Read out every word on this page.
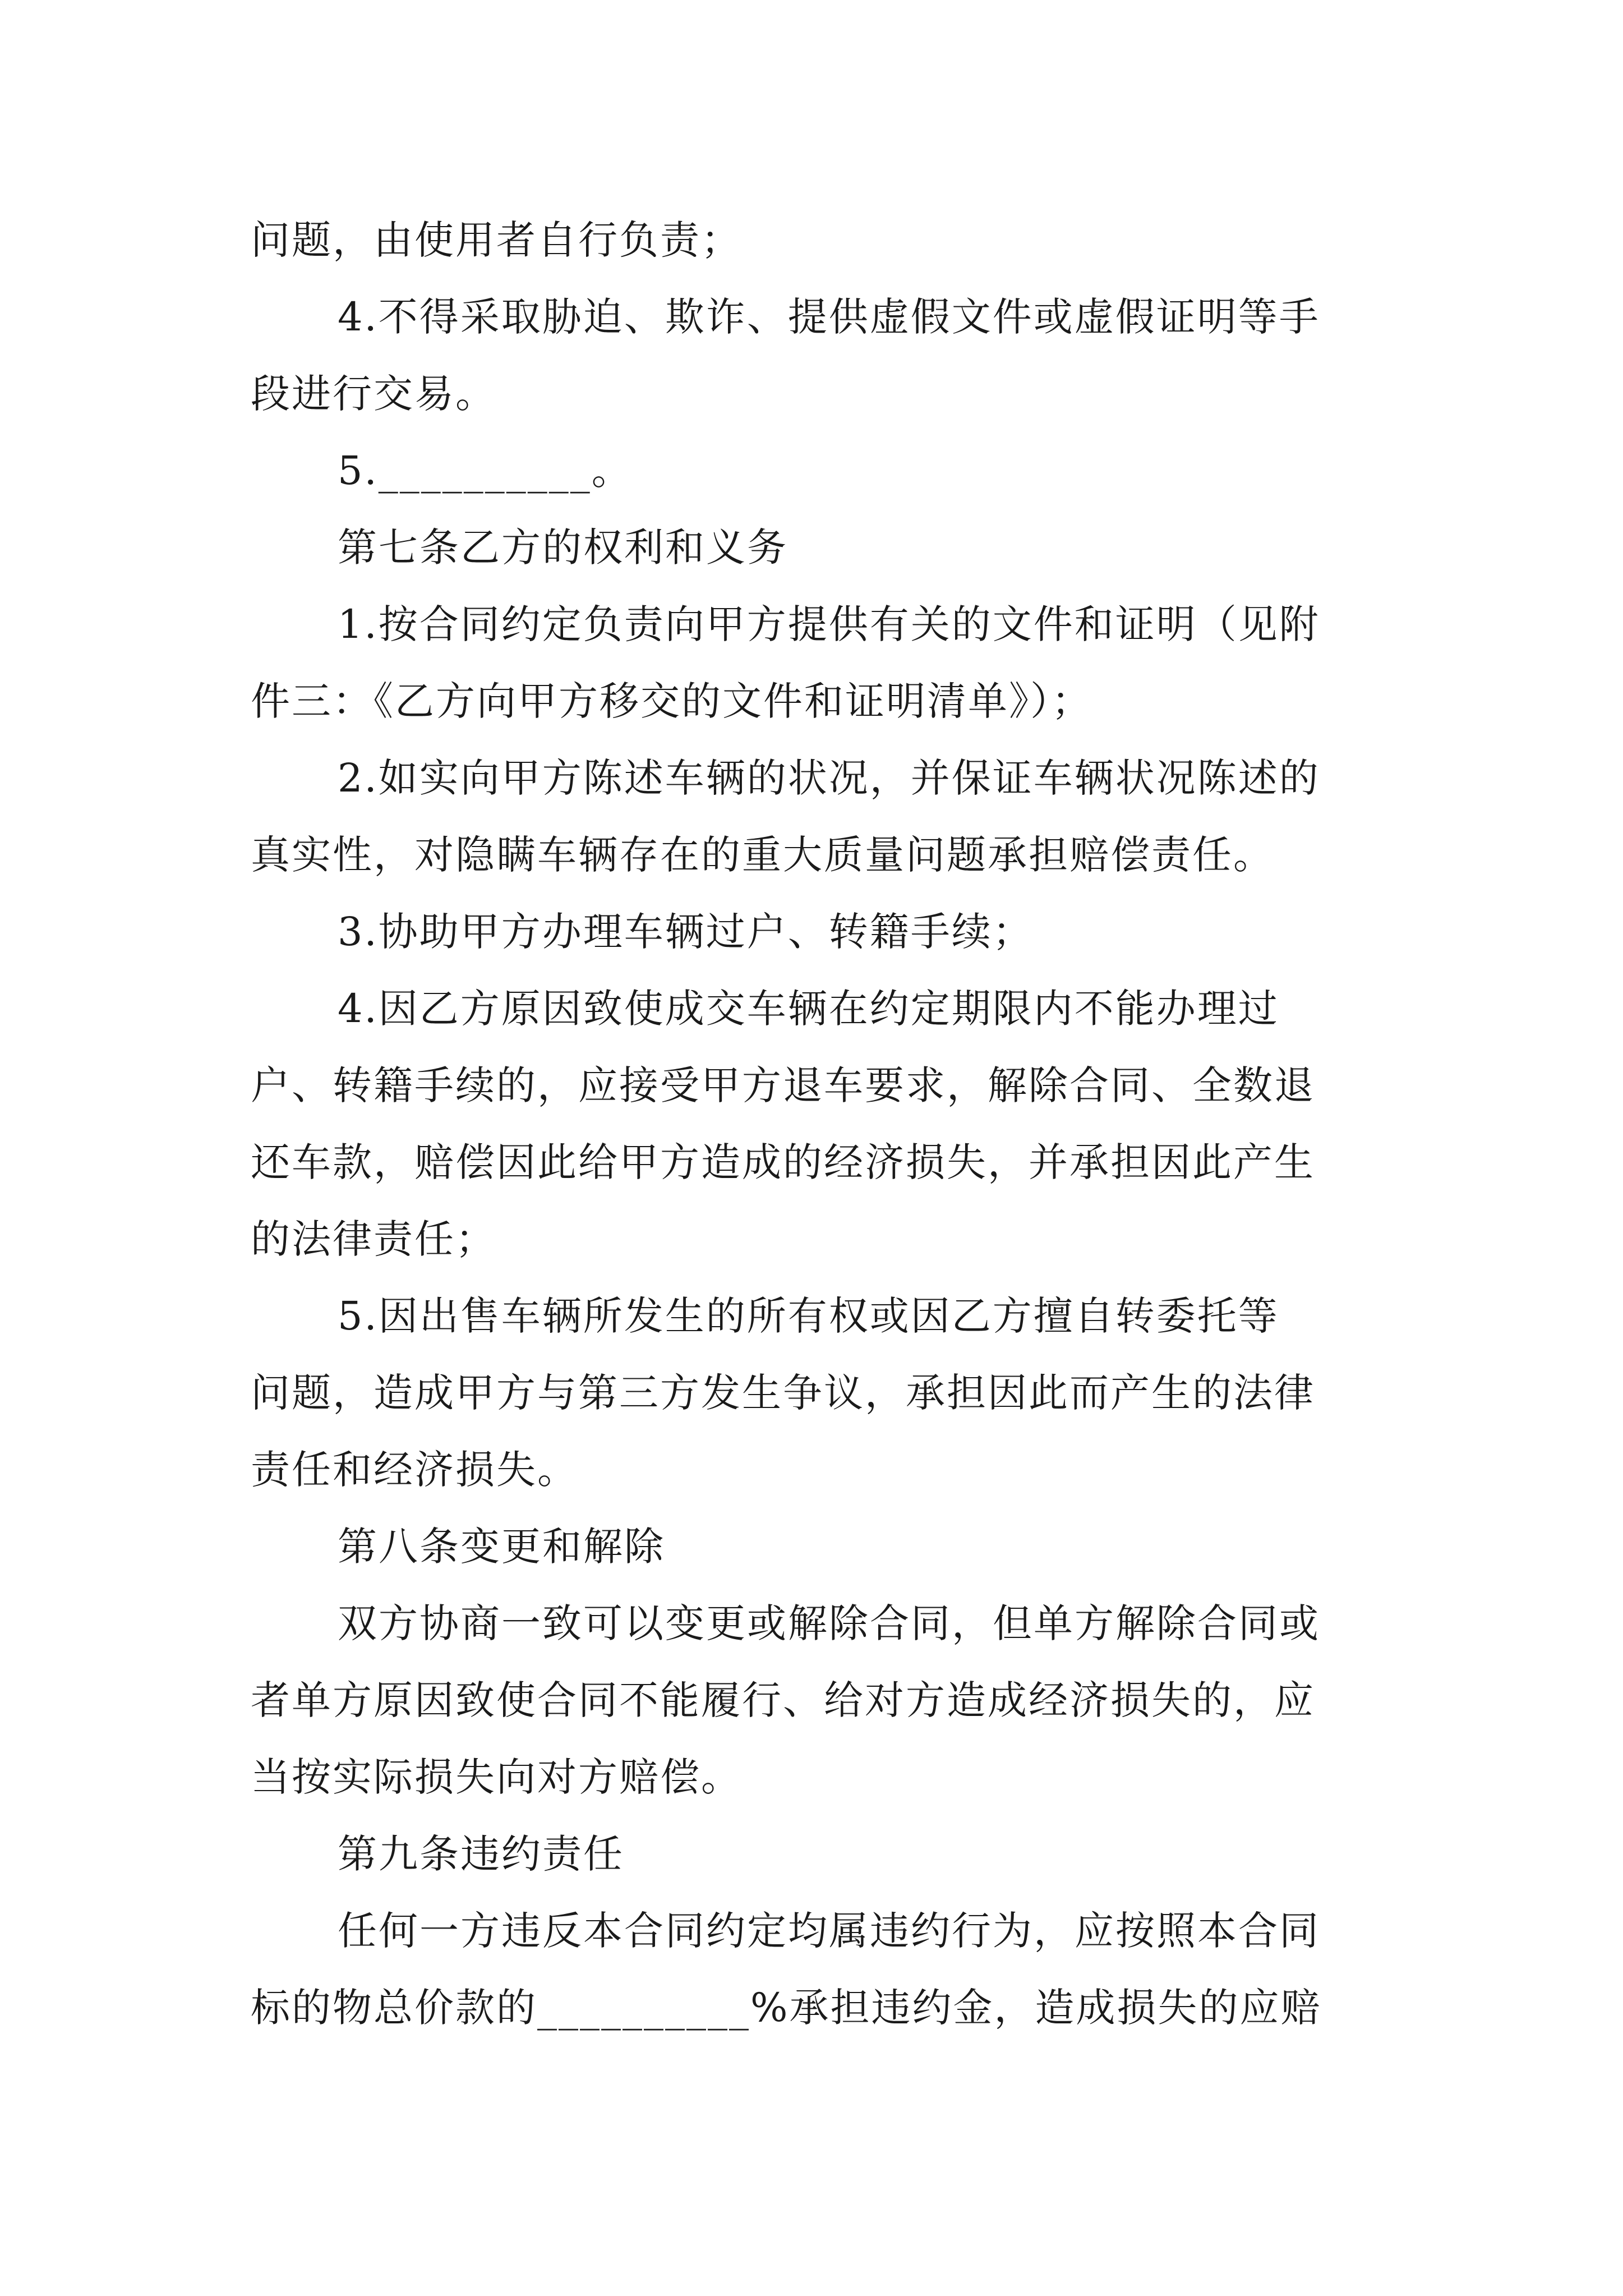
问题，由使用者自行负责；
4.不得采取胁迫、欺诈、提供虚假文件或虚假证明等手
段进行交易。
5.__________。
第七条乙方的权利和义务
1.按合同约定负责向甲方提供有关的文件和证明（见附
件三：《乙方向甲方移交的文件和证明清单》）；
2.如实向甲方陈述车辆的状况，并保证车辆状况陈述的
真实性，对隐瞒车辆存在的重大质量问题承担赔偿责任。
3.协助甲方办理车辆过户、转籍手续；
4.因乙方原因致使成交车辆在约定期限内不能办理过
户、转籍手续的，应接受甲方退车要求，解除合同、全数退
还车款，赔偿因此给甲方造成的经济损失，并承担因此产生
的法律责任；
5.因出售车辆所发生的所有权或因乙方擅自转委托等
问题，造成甲方与第三方发生争议，承担因此而产生的法律
责任和经济损失。
第八条变更和解除
双方协商一致可以变更或解除合同，但单方解除合同或
者单方原因致使合同不能履行、给对方造成经济损失的，应
当按实际损失向对方赔偿。
第九条违约责任
任何一方违反本合同约定均属违约行为，应按照本合同
标的物总价款的__________%承担违约金，造成损失的应赔
